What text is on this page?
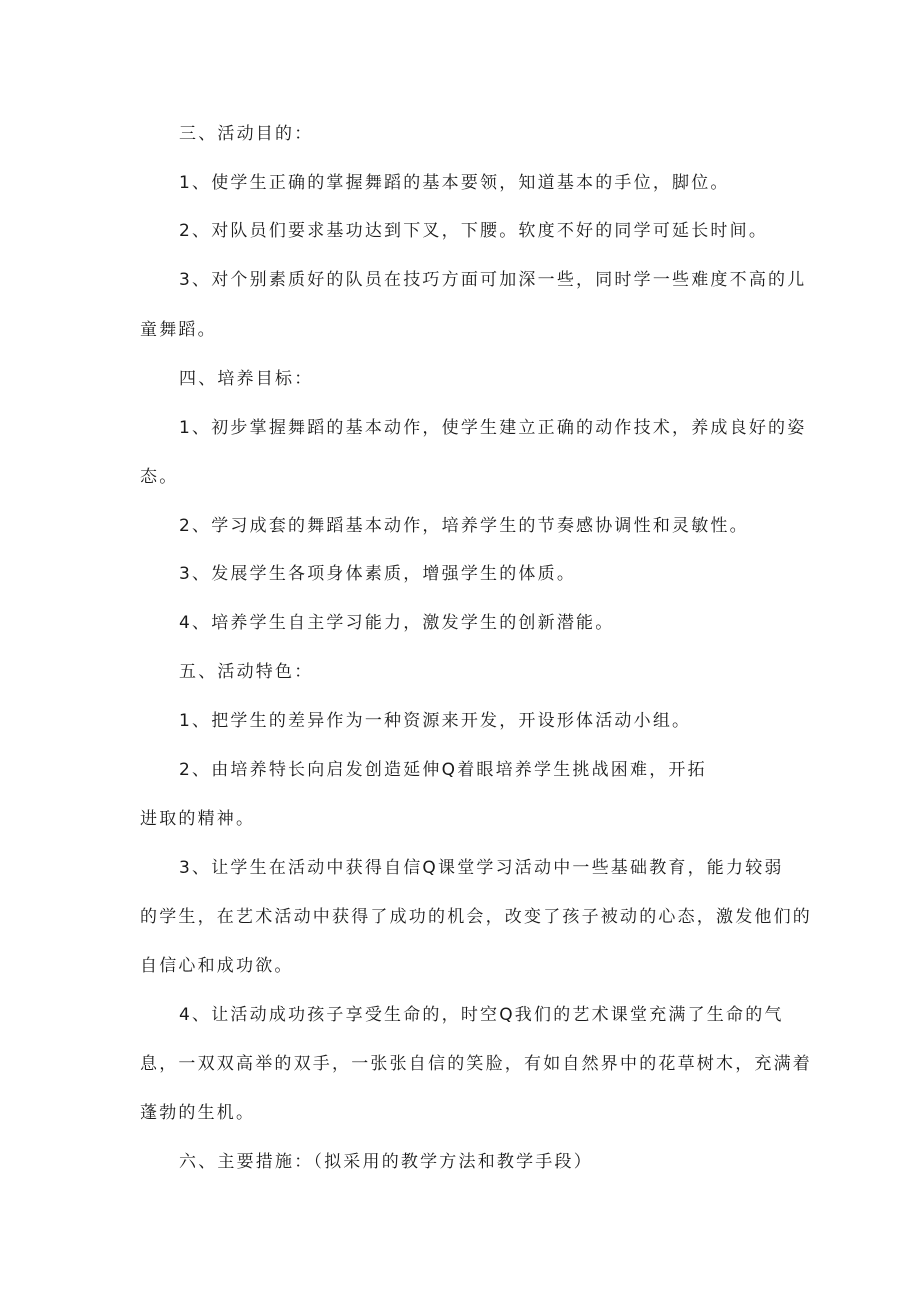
三、活动目的：
1、使学生正确的掌握舞蹈的基本要领，知道基本的手位，脚位。
2、对队员们要求基功达到下叉，下腰。软度不好的同学可延长时间。
3、对个别素质好的队员在技巧方面可加深一些，同时学一些难度不高的儿
童舞蹈。
四、培养目标：
1、初步掌握舞蹈的基本动作，使学生建立正确的动作技术，养成良好的姿
态。
2、学习成套的舞蹈基本动作，培养学生的节奏感协调性和灵敏性。
3、发展学生各项身体素质，增强学生的体质。
4、培养学生自主学习能力，激发学生的创新潜能。
五、活动特色：
1、把学生的差异作为一种资源来开发，开设形体活动小组。
2、由培养特长向启发创造延伸Q着眼培养学生挑战困难，开拓
进取的精神。
3、让学生在活动中获得自信Q课堂学习活动中一些基础教育，能力较弱
的学生，在艺术活动中获得了成功的机会，改变了孩子被动的心态，激发他们的
自信心和成功欲。
4、让活动成功孩子享受生命的，时空Q我们的艺术课堂充满了生命的气
息，一双双高举的双手，一张张自信的笑脸，有如自然界中的花草树木，充满着
蓬勃的生机。
六、主要措施：（拟采用的教学方法和教学手段）
